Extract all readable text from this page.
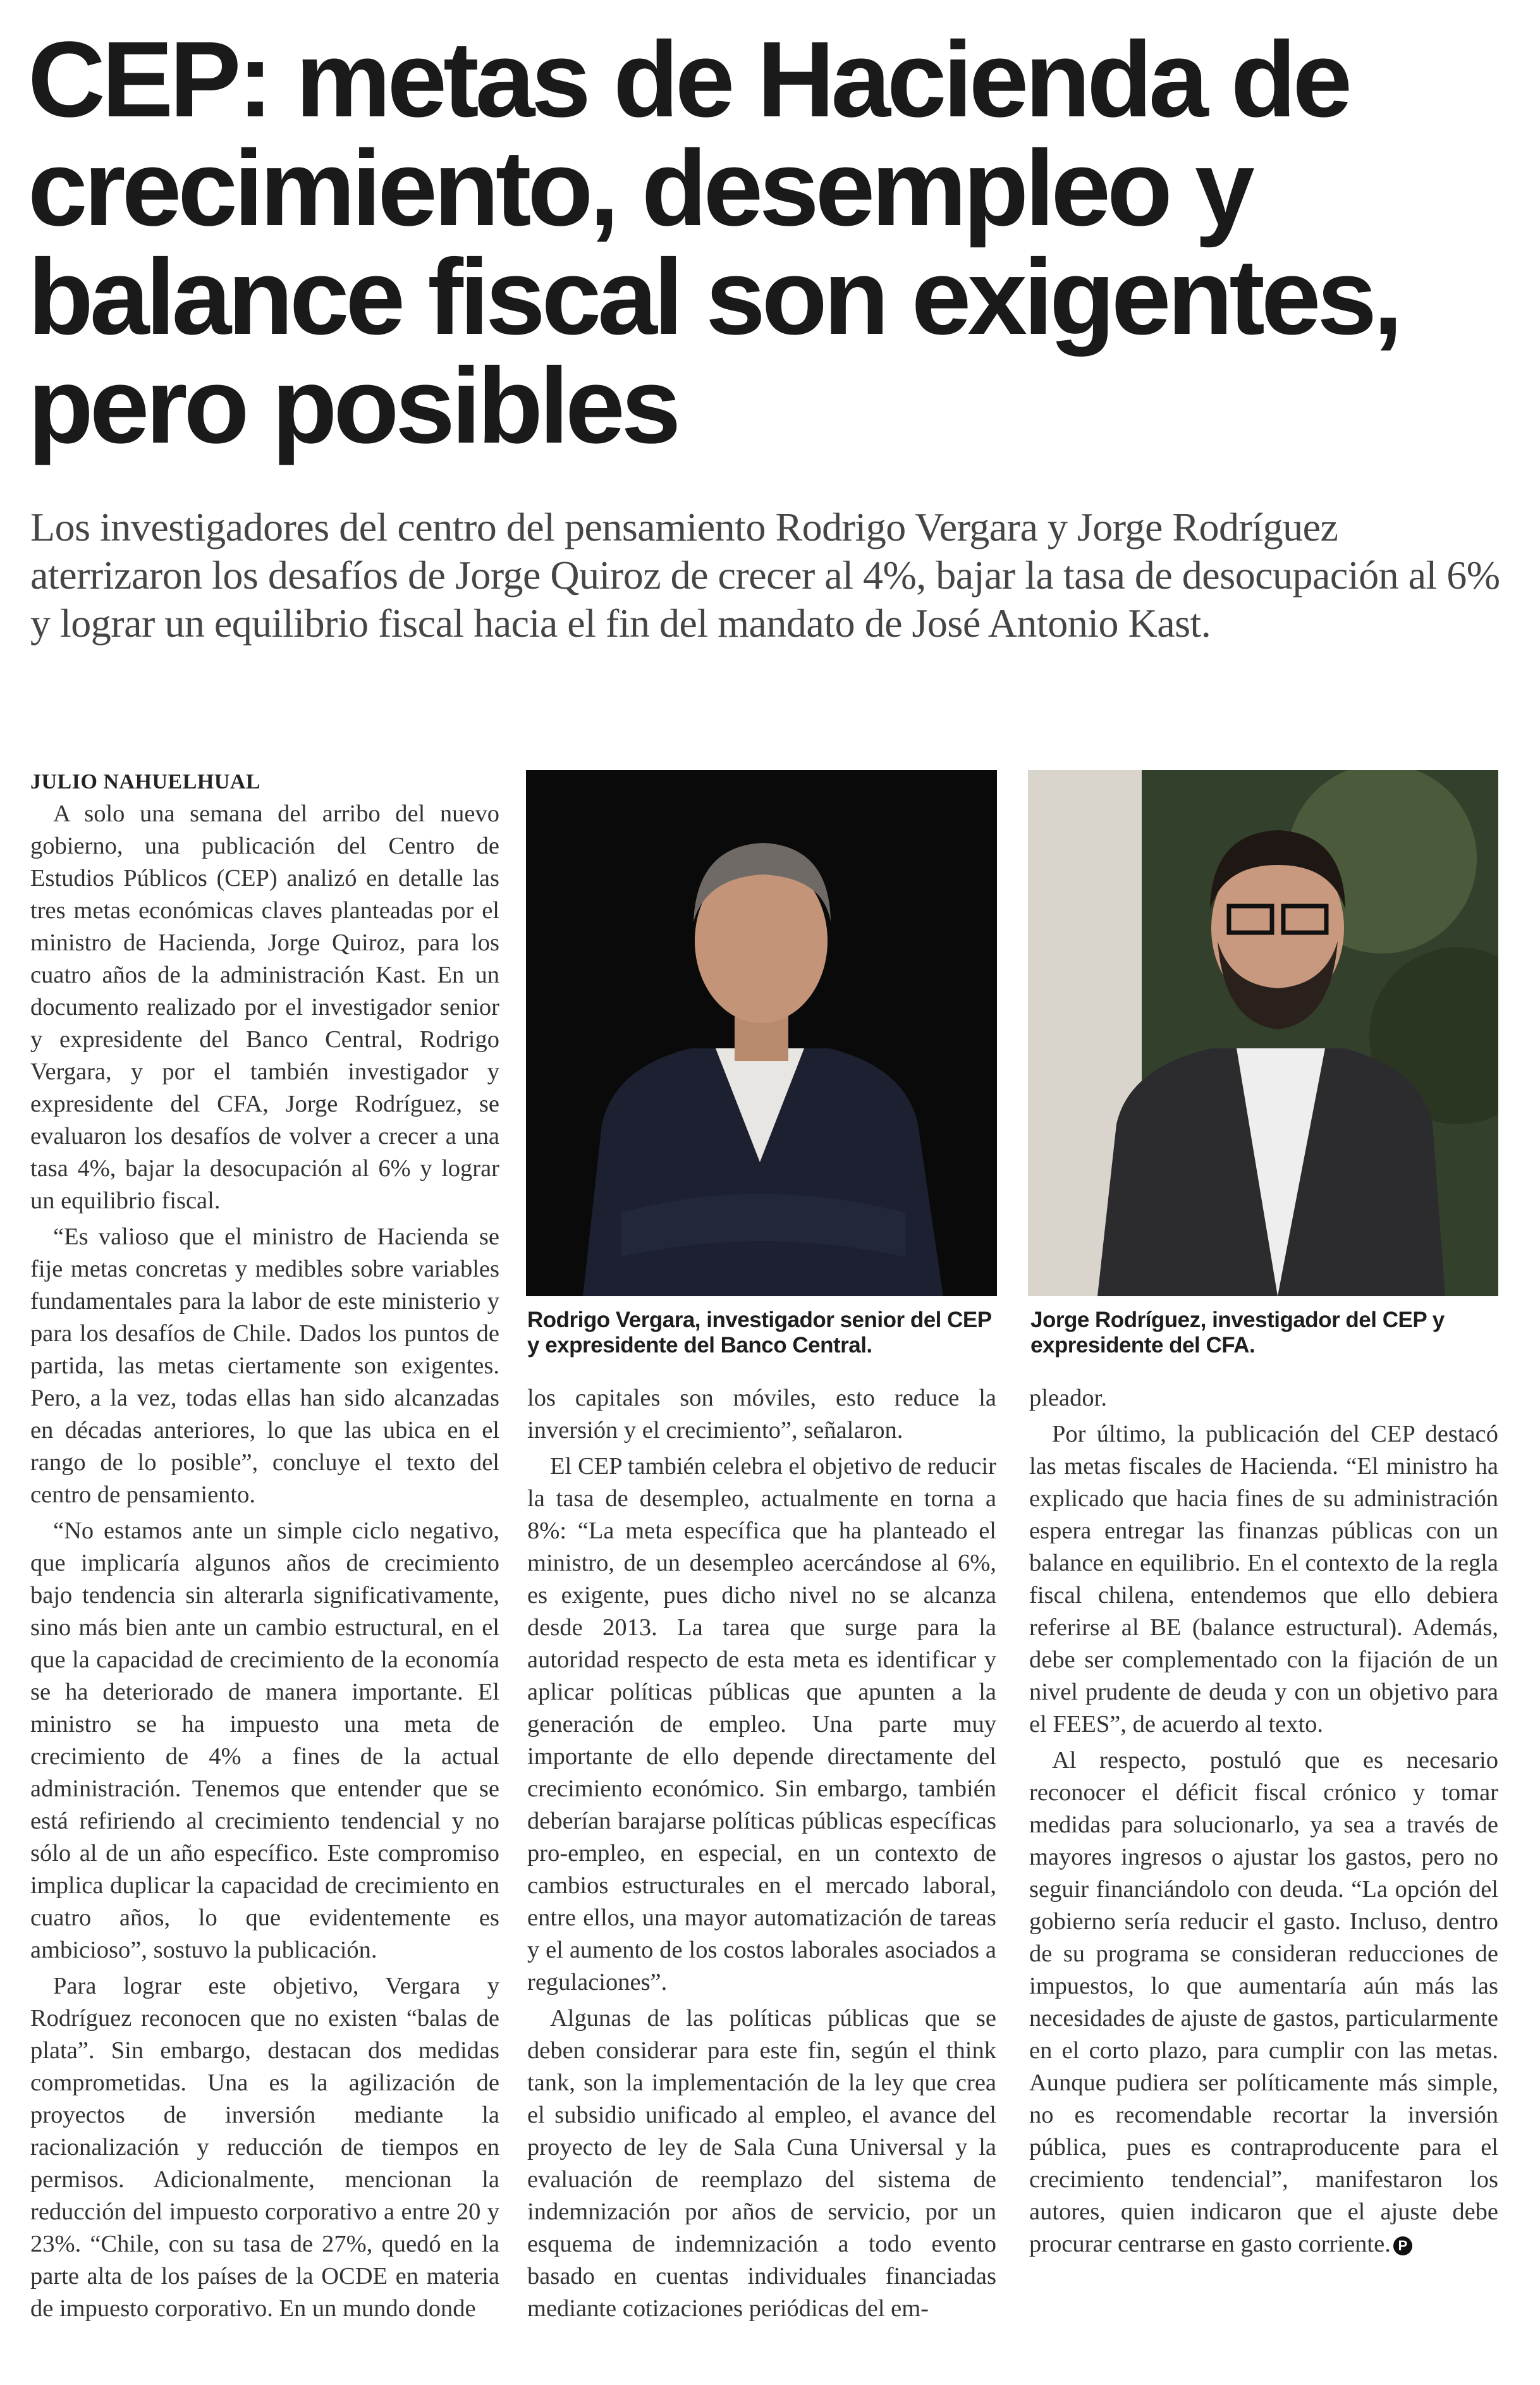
CEP: metas de Hacienda de
crecimiento, desempleo y
balance fiscal son exigentes,
pero posibles

Los investigadores del centro del pensamiento Rodrigo Vergara y Jorge Rodríguez aterrizaron los desafíos de Jorge Quiroz de crecer al 4%, bajar la tasa de desocupación al 6% y lograr un equilibrio fiscal hacia el fin del mandato de José Antonio Kast.

JULIO NAHUELHUAL

A solo una semana del arribo del nuevo gobierno, una publicación del Centro de Estudios Públicos (CEP) analizó en detalle las tres metas económicas claves planteadas por el ministro de Hacienda, Jorge Quiroz, para los cuatro años de la administración Kast. En un documento realizado por el investigador senior y expresidente del Banco Central, Rodrigo Vergara, y por el también investigador y expresidente del CFA, Jorge Rodríguez, se evaluaron los desafíos de volver a crecer a una tasa 4%, bajar la desocupación al 6% y lograr un equilibrio fiscal.

“Es valioso que el ministro de Hacienda se fije metas concretas y medibles sobre variables fundamentales para la labor de este ministerio y para los desafíos de Chile. Dados los puntos de partida, las metas ciertamente son exigentes. Pero, a la vez, todas ellas han sido alcanzadas en décadas anteriores, lo que las ubica en el rango de lo posible”, concluye el texto del centro de pensamiento.

“No estamos ante un simple ciclo negativo, que implicaría algunos años de crecimiento bajo tendencia sin alterarla significativamente, sino más bien ante un cambio estructural, en el que la capacidad de crecimiento de la economía se ha deteriorado de manera importante. El ministro se ha impuesto una meta de crecimiento de 4% a fines de la actual administración. Tenemos que entender que se está refiriendo al crecimiento tendencial y no sólo al de un año específico. Este compromiso implica duplicar la capacidad de crecimiento en cuatro años, lo que evidentemente es ambicioso”, sostuvo la publicación.

Para lograr este objetivo, Vergara y Rodríguez reconocen que no existen “balas de plata”. Sin embargo, destacan dos medidas comprometidas. Una es la agilización de proyectos de inversión mediante la racionalización y reducción de tiempos en permisos. Adicionalmente, mencionan la reducción del impuesto corporativo a entre 20 y 23%. “Chile, con su tasa de 27%, quedó en la parte alta de los países de la OCDE en materia de impuesto corporativo. En un mundo donde

Rodrigo Vergara, investigador senior del CEP y expresidente del Banco Central.
Jorge Rodríguez, investigador del CEP y expresidente del CFA.

los capitales son móviles, esto reduce la inversión y el crecimiento”, señalaron.

El CEP también celebra el objetivo de reducir la tasa de desempleo, actualmente en torna a 8%: “La meta específica que ha planteado el ministro, de un desempleo acercándose al 6%, es exigente, pues dicho nivel no se alcanza desde 2013. La tarea que surge para la autoridad respecto de esta meta es identificar y aplicar políticas públicas que apunten a la generación de empleo. Una parte muy importante de ello depende directamente del crecimiento económico. Sin embargo, también deberían barajarse políticas públicas específicas pro-empleo, en especial, en un contexto de cambios estructurales en el mercado laboral, entre ellos, una mayor automatización de tareas y el aumento de los costos laborales asociados a regulaciones”.

Algunas de las políticas públicas que se deben considerar para este fin, según el think tank, son la implementación de la ley que crea el subsidio unificado al empleo, el avance del proyecto de ley de Sala Cuna Universal y la evaluación de reemplazo del sistema de indemnización por años de servicio, por un esquema de indemnización a todo evento basado en cuentas individuales financiadas mediante cotizaciones periódicas del em-

pleador.

Por último, la publicación del CEP destacó las metas fiscales de Hacienda. “El ministro ha explicado que hacia fines de su administración espera entregar las finanzas públicas con un balance en equilibrio. En el contexto de la regla fiscal chilena, entendemos que ello debiera referirse al BE (balance estructural). Además, debe ser complementado con la fijación de un nivel prudente de deuda y con un objetivo para el FEES”, de acuerdo al texto.

Al respecto, postuló que es necesario reconocer el déficit fiscal crónico y tomar medidas para solucionarlo, ya sea a través de mayores ingresos o ajustar los gastos, pero no seguir financiándolo con deuda. “La opción del gobierno sería reducir el gasto. Incluso, dentro de su programa se consideran reducciones de impuestos, lo que aumentaría aún más las necesidades de ajuste de gastos, particularmente en el corto plazo, para cumplir con las metas. Aunque pudiera ser políticamente más simple, no es recomendable recortar la inversión pública, pues es contraproducente para el crecimiento tendencial”, manifestaron los autores, quien indicaron que el ajuste debe procurar centrarse en gasto corriente. P
